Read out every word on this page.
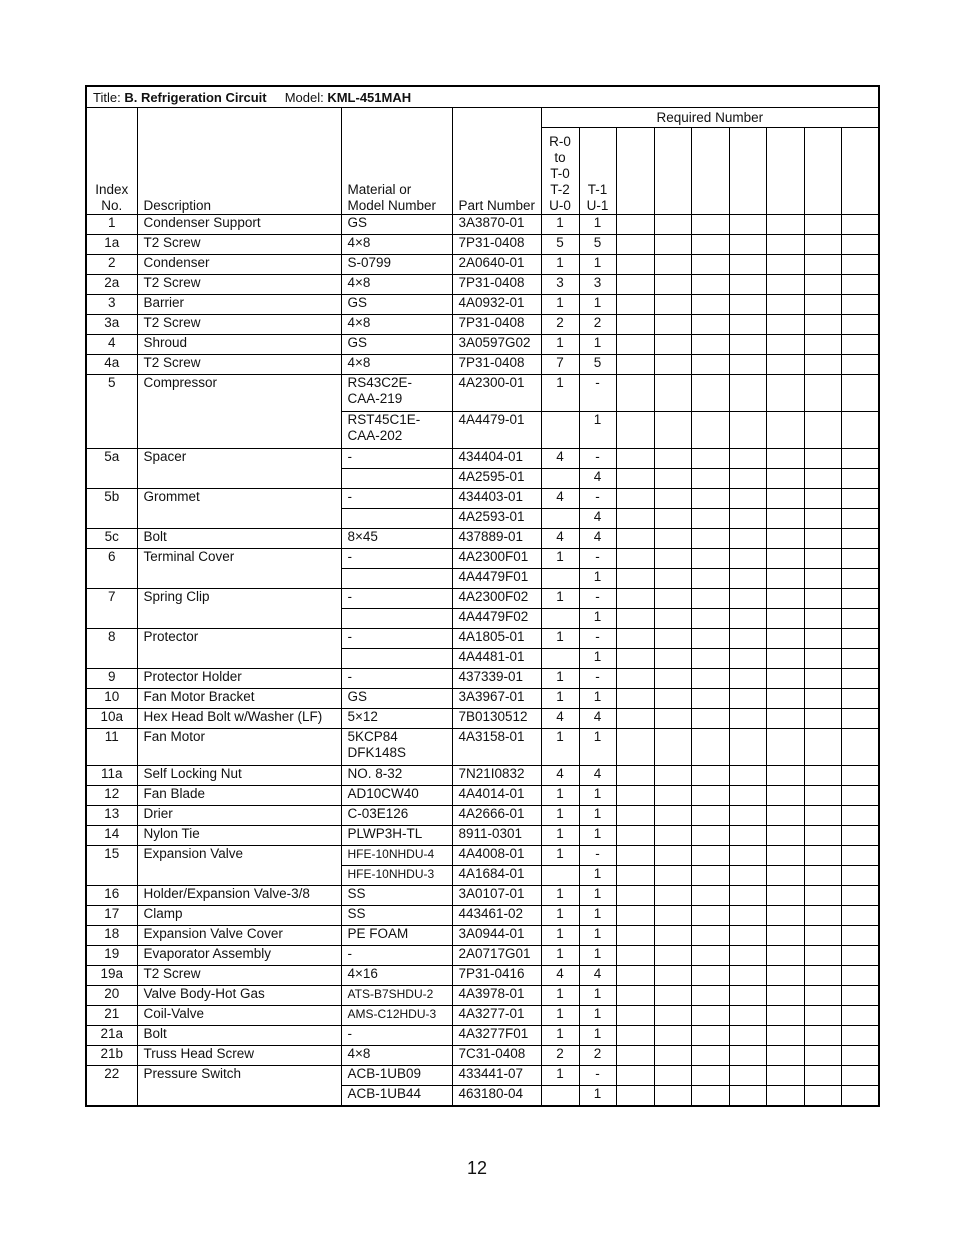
Title: B. Refrigeration Circuit Model: KML-451MAH												
Index
No.	Description	Material or
Model Number	Part Number	Required Number								
				R-0
to
T-0
T-2
U-0	T-1
U-1							
1	Condenser Support	GS	3A3870-01	1	1							
1a	T2 Screw	4×8	7P31-0408	5	5							
2	Condenser	S-0799	2A0640-01	1	1							
2a	T2 Screw	4×8	7P31-0408	3	3							
3	Barrier	GS	4A0932-01	1	1							
3a	T2 Screw	4×8	7P31-0408	2	2							
4	Shroud	GS	3A0597G02	1	1							
4a	T2 Screw	4×8	7P31-0408	7	5							
5	Compressor	RS43C2E-
CAA-219	4A2300-01	1	-							
		RST45C1E-
CAA-202	4A4479-01		1							
5a	Spacer	-	434404-01	4	-							
			4A2595-01		4							
5b	Grommet	-	434403-01	4	-							
			4A2593-01		4							
5c	Bolt	8×45	437889-01	4	4							
6	Terminal Cover	-	4A2300F01	1	-							
			4A4479F01		1							
7	Spring Clip	-	4A2300F02	1	-							
			4A4479F02		1							
8	Protector	-	4A1805-01	1	-							
			4A4481-01		1							
9	Protector Holder	-	437339-01	1	-							
10	Fan Motor Bracket	GS	3A3967-01	1	1							
10a	Hex Head Bolt w/Washer (LF)	5×12	7B0130512	4	4							
11	Fan Motor	5KCP84
DFK148S	4A3158-01	1	1							
11a	Self Locking Nut	NO. 8-32	7N21I0832	4	4							
12	Fan Blade	AD10CW40	4A4014-01	1	1							
13	Drier	C-03E126	4A2666-01	1	1							
14	Nylon Tie	PLWP3H-TL	8911-0301	1	1							
15	Expansion Valve	HFE-10NHDU-4	4A4008-01	1	-							
		HFE-10NHDU-3	4A1684-01		1							
16	Holder/Expansion Valve-3/8	SS	3A0107-01	1	1							
17	Clamp	SS	443461-02	1	1							
18	Expansion Valve Cover	PE FOAM	3A0944-01	1	1							
19	Evaporator Assembly	-	2A0717G01	1	1							
19a	T2 Screw	4×16	7P31-0416	4	4							
20	Valve Body-Hot Gas	ATS-B7SHDU-2	4A3978-01	1	1							
21	Coil-Valve	AMS-C12HDU-3	4A3277-01	1	1							
21a	Bolt	-	4A3277F01	1	1							
21b	Truss Head Screw	4×8	7C31-0408	2	2							
22	Pressure Switch	ACB-1UB09	433441-07	1	-							
		ACB-1UB44	463180-04		1							
12
